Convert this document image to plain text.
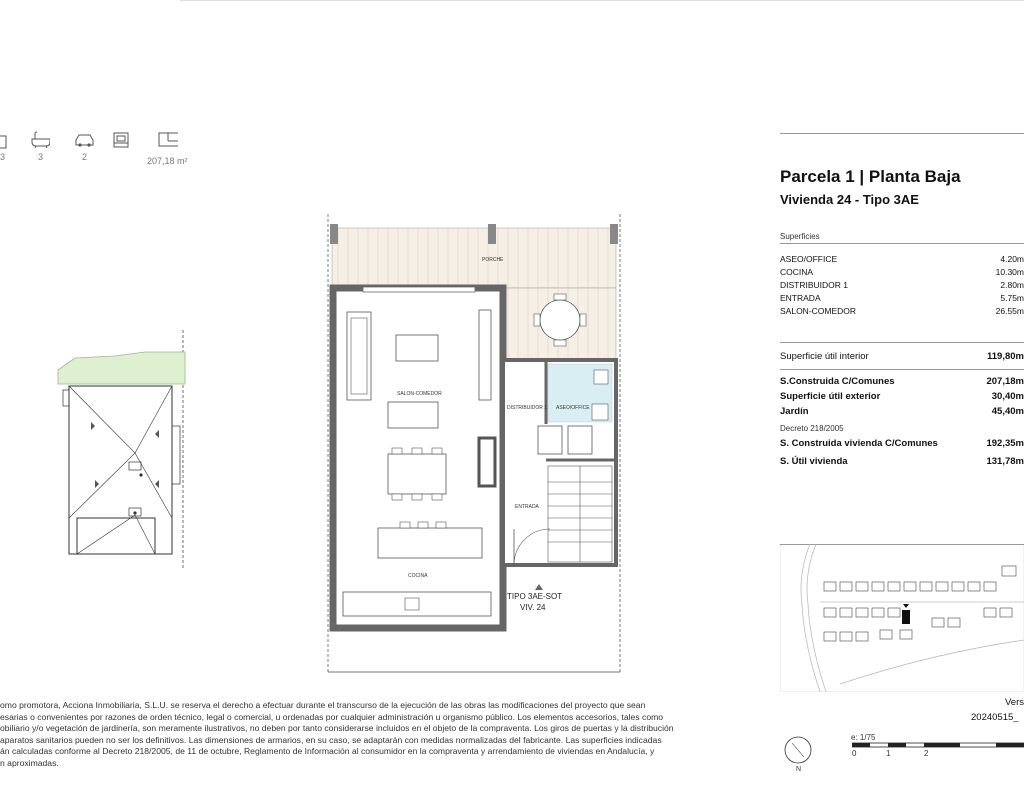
3	3	2	207,18 m²
PORCHE
SALON-COMEDOR
DISTRIBUIDOR 1 ASEO/OFFICE
ENTRADA
COCINA
TIPO 3AE-SOT
VIV. 24
Parcela 1 | Planta Baja
Vivienda 24 - Tipo 3AE
Superficies
ASEO/OFFICE	4.20m
COCINA	10.30m
DISTRIBUIDOR 1	2.80m
ENTRADA	5.75m
SALON-COMEDOR	26.55m
Superficie útil interior	119,80m
S.Construida C/Comunes	207,18m
Superficie útil exterior	30,40m
Jardín	45,40m
Decreto 218/2005
S. Construida vivienda C/Comunes	192,35m
S. Útil vivienda	131,78m
Vers
20240515_
e: 1/75
0	1	2
N
omo promotora, Acciona Inmobiliaria, S.L.U. se reserva el derecho a efectuar durante el transcurso de la ejecución de las obras las modificaciones del proyecto que sean
esarias o convenientes por razones de orden técnico, legal o comercial, u ordenadas por cualquier administración u organismo público. Los elementos accesorios, tales como
obiliario y/o vegetación de jardinería, son meramente ilustrativos, no deben por tanto considerarse incluidos en el objeto de la compraventa. Los giros de puertas y la distribución
aparatos sanitarios pueden no ser los definitivos. Las dimensiones de armarios, en su caso, se adaptarán con medidas normalizadas del fabricante. Las superficies indicadas
án calculadas conforme al Decreto 218/2005, de 11 de octubre, Reglamento de Información al consumidor en la compraventa y arrendamiento de viviendas en Andalucía, y
n aproximadas.
